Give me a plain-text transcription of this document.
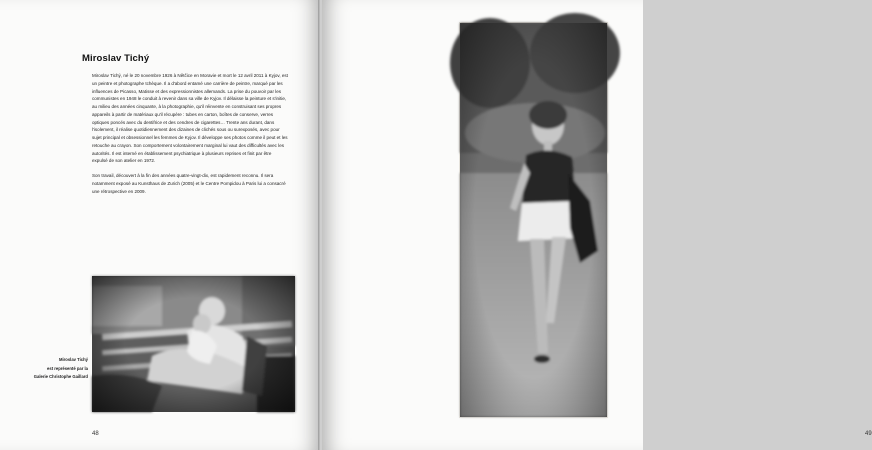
Miroslav Tichý

Miroslav Tichý, né le 20 novembre 1926 à Nětčice en Moravie et mort le 12 avril 2011 à Kyjov, est un peintre et photographe tchèque. Il a d'abord entamé une carrière de peintre, marqué par les influences de Picasso, Matisse et des expressionnistes allemands. La prise du pouvoir par les communistes en 1948 le conduit à revenir dans sa ville de Kyjov. Il délaisse la peinture et s'initie, au milieu des années cinquante, à la photographie, qu'il réinvente en construisant ses propres appareils à partir de matériaux qu'il récupère : tubes en carton, boîtes de conserve, verres optiques poncés avec du dentifrice et des cendres de cigarettes… Trente ans durant, dans l'isolement, il réalise quotidiennement des dizaines de clichés sous ou surexposés, avec pour sujet principal et obsessionnel les femmes de Kyjov. Il développe ses photos comme il peut et les retouche au crayon. Son comportement volontairement marginal lui vaut des difficultés avec les autorités. Il est interné en établissement psychiatrique à plusieurs reprises et finit par être expulsé de son atelier en 1972.

Son travail, découvert à la fin des années quatre-vingt-dix, est rapidement reconnu. Il sera notamment exposé au Kunsthaus de Zurich (2005) et le Centre Pompidou à Paris lui a consacré une rétrospective en 2009.

Miroslav Tichý
est représenté par la
Galerie Christophe Gaillard
48	49
